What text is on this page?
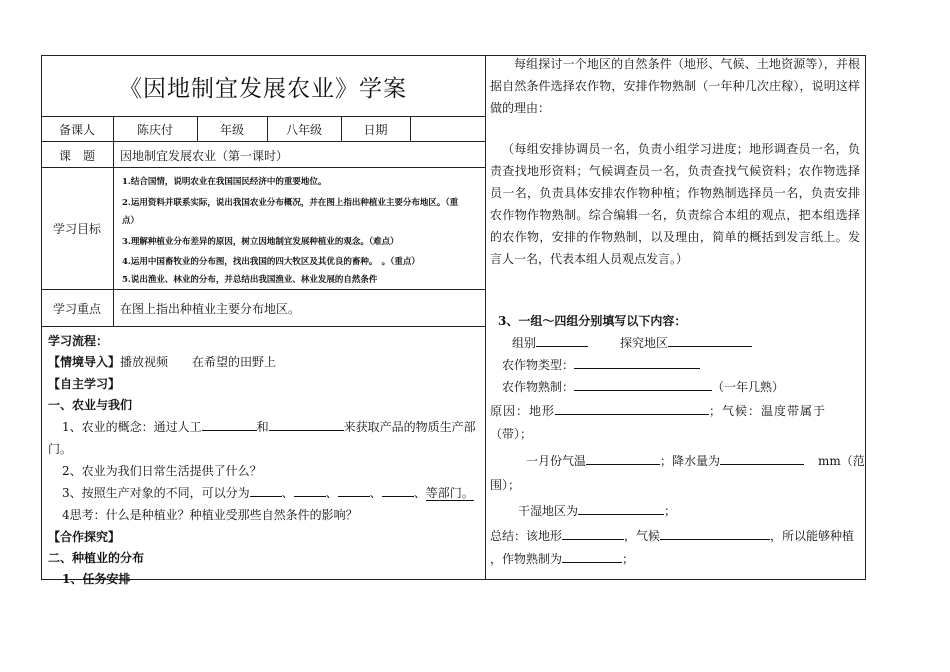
《因地制宜发展农业》学案
备课人	陈庆付	年级	八年级	日期
课　题	因地制宜发展农业（第一课时）
学习目标
1.结合国情，说明农业在我国国民经济中的重要地位。
2.运用资料并联系实际，说出我国农业分布概况，并在图上指出种植业主要分布地区。（重
点）
3.理解种植业分布差异的原因，树立因地制宜发展种植业的观念。（难点）
4.运用中国畜牧业的分布图，找出我国的四大牧区及其优良的畜种。　。（重点）
5.说出渔业、林业的分布，并总结出我国渔业、林业发展的自然条件
学习重点	在图上指出种植业主要分布地区。
学习流程：
【情境导入】播放视频　　在希望的田野上
【自主学习】
一、农业与我们
1、农业的概念：通过人工	和	来获取产品的物质生产部
门。
2、农业为我们日常生活提供了什么？
3、按照生产对象的不同，可以分为	、	、	、	、等部门。
4思考：什么是种植业？种植业受那些自然条件的影响？
【合作探究】
二、种植业的分布
1、任务安排
每组探讨一个地区的自然条件（地形、气候、土地资源等），并根据自然条件选择农作物，安排作物熟制（一年种几次庄稼），说明这样做的理由：
（每组安排协调员一名，负责小组学习进度；地形调查员一名，负责查找地形资料；气候调查员一名，负责查找气候资料；农作物选择员一名，负责具体安排农作物种植；作物熟制选择员一名，负责安排农作物作物熟制。综合编辑一名，负责综合本组的观点，把本组选择的农作物，安排的作物熟制，以及理由，简单的概括到发言纸上。发言人一名，代表本组人员观点发言。）
3、一组～四组分别填写以下内容：
组别	探究地区
农作物类型：
农作物熟制：	（一年几熟）
原因：地形	；气候：温度带属于
（带）；
一月份气温	；降水量为	mm（范
围）；
干湿地区为	；
总结：该地形	，气候	，所以能够种植
，作物熟制为	；
